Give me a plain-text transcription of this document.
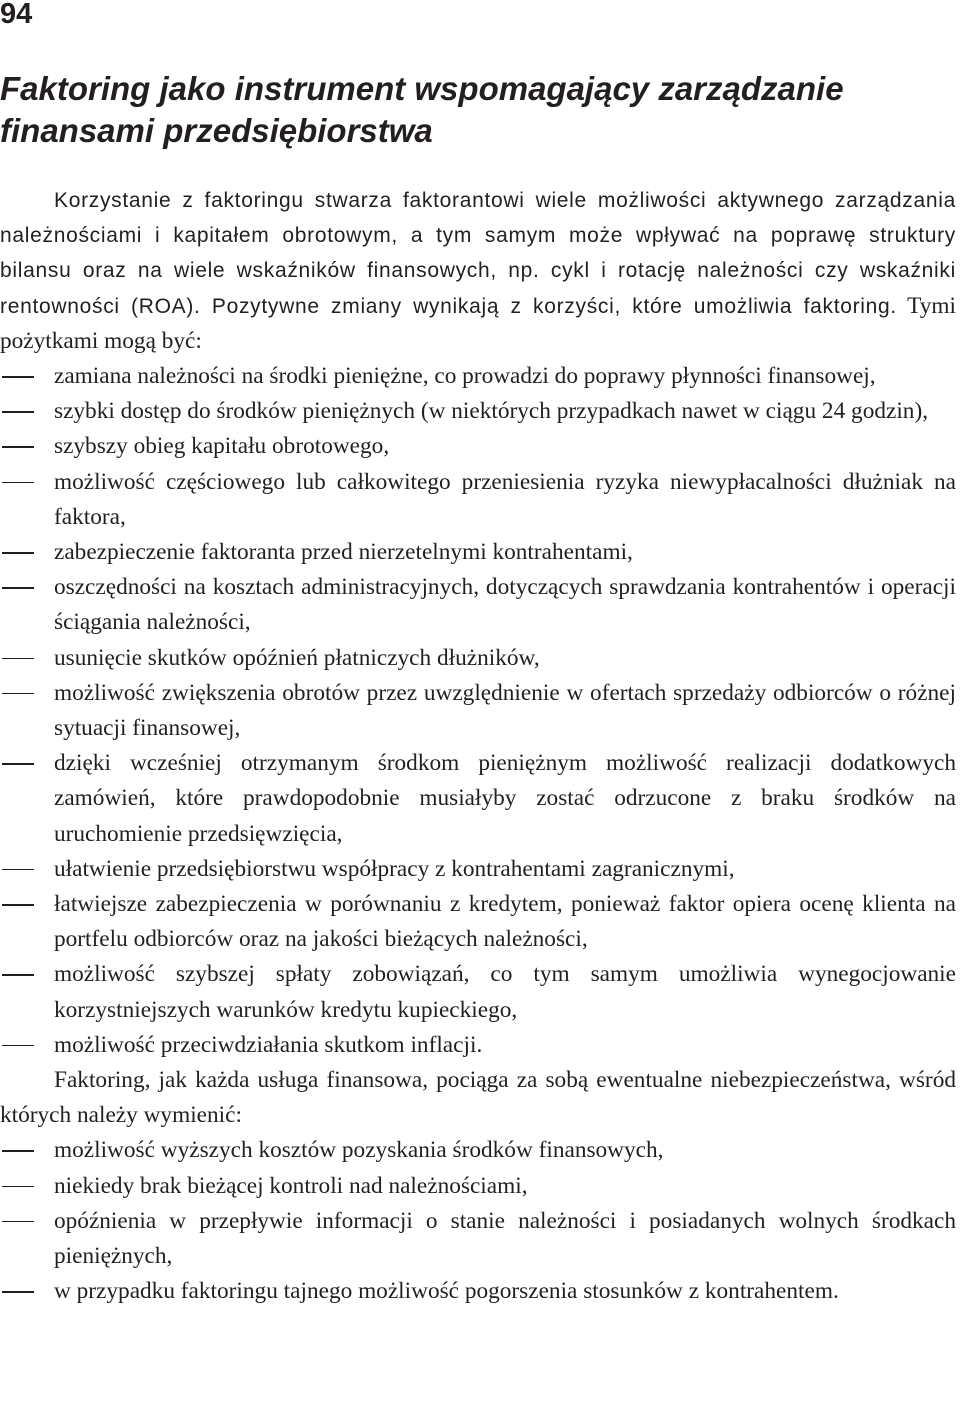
94
Faktoring jako instrument wspomagający zarządzanie finansami przedsiębiorstwa

Korzystanie z faktoringu stwarza faktorantowi wiele możliwości aktywnego zarządzania należnościami i kapitałem obrotowym, a tym samym może wpływać na poprawę struktury bilansu oraz na wiele wskaźników finansowych, np. cykl i rotację należności czy wskaźniki rentowności (ROA). Pozytywne zmiany wynikają z korzyści, które umożliwia faktoring. Tymi pożytkami mogą być:

zamiana należności na środki pieniężne, co prowadzi do poprawy płynności finansowej,
szybki dostęp do środków pieniężnych (w niektórych przypadkach nawet w ciągu 24 godzin),
szybszy obieg kapitału obrotowego,
możliwość częściowego lub całkowitego przeniesienia ryzyka niewypłacalności dłużniak na faktora,
zabezpieczenie faktoranta przed nierzetelnymi kontrahentami,
oszczędności na kosztach administracyjnych, dotyczących sprawdzania kontrahentów i operacji ściągania należności,
usunięcie skutków opóźnień płatniczych dłużników,
możliwość zwiększenia obrotów przez uwzględnienie w ofertach sprzedaży odbiorców o różnej sytuacji finansowej,
dzięki wcześniej otrzymanym środkom pieniężnym możliwość realizacji dodatkowych zamówień, które prawdopodobnie musiałyby zostać odrzucone z braku środków na uruchomienie przedsięwzięcia,
ułatwienie przedsiębiorstwu współpracy z kontrahentami zagranicznymi,
łatwiejsze zabezpieczenia w porównaniu z kredytem, ponieważ faktor opiera ocenę klienta na portfelu odbiorców oraz na jakości bieżących należności,
możliwość szybszej spłaty zobowiązań, co tym samym umożliwia wynegocjowanie korzystniejszych warunków kredytu kupieckiego,
możliwość przeciwdziałania skutkom inflacji.

Faktoring, jak każda usługa finansowa, pociąga za sobą ewentualne niebezpieczeństwa, wśród których należy wymienić:

możliwość wyższych kosztów pozyskania środków finansowych,
niekiedy brak bieżącej kontroli nad należnościami,
opóźnienia w przepływie informacji o stanie należności i posiadanych wolnych środkach pieniężnych,
w przypadku faktoringu tajnego możliwość pogorszenia stosunków z kontrahentem.
